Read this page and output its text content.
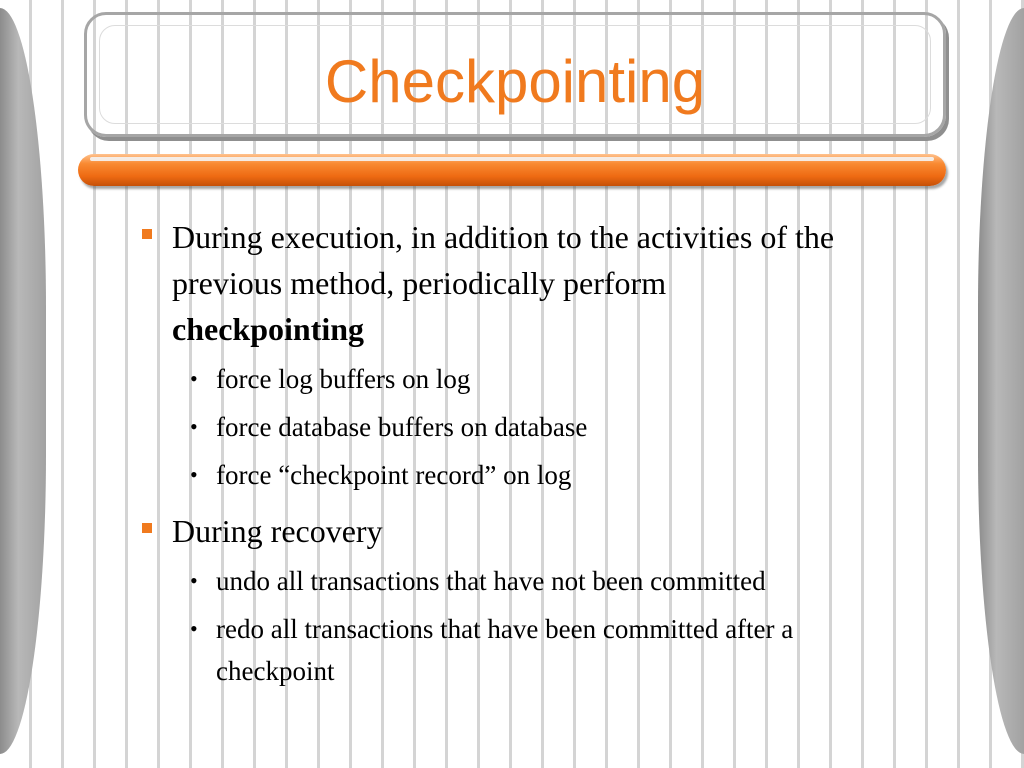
Checkpointing
During execution, in addition to the activities of the previous method, periodically perform
checkpointing
• force log buffers on log
• force database buffers on database
• force “checkpoint record” on log
During recovery
• undo all transactions that have not been committed
• redo all transactions that have been committed after a checkpoint
